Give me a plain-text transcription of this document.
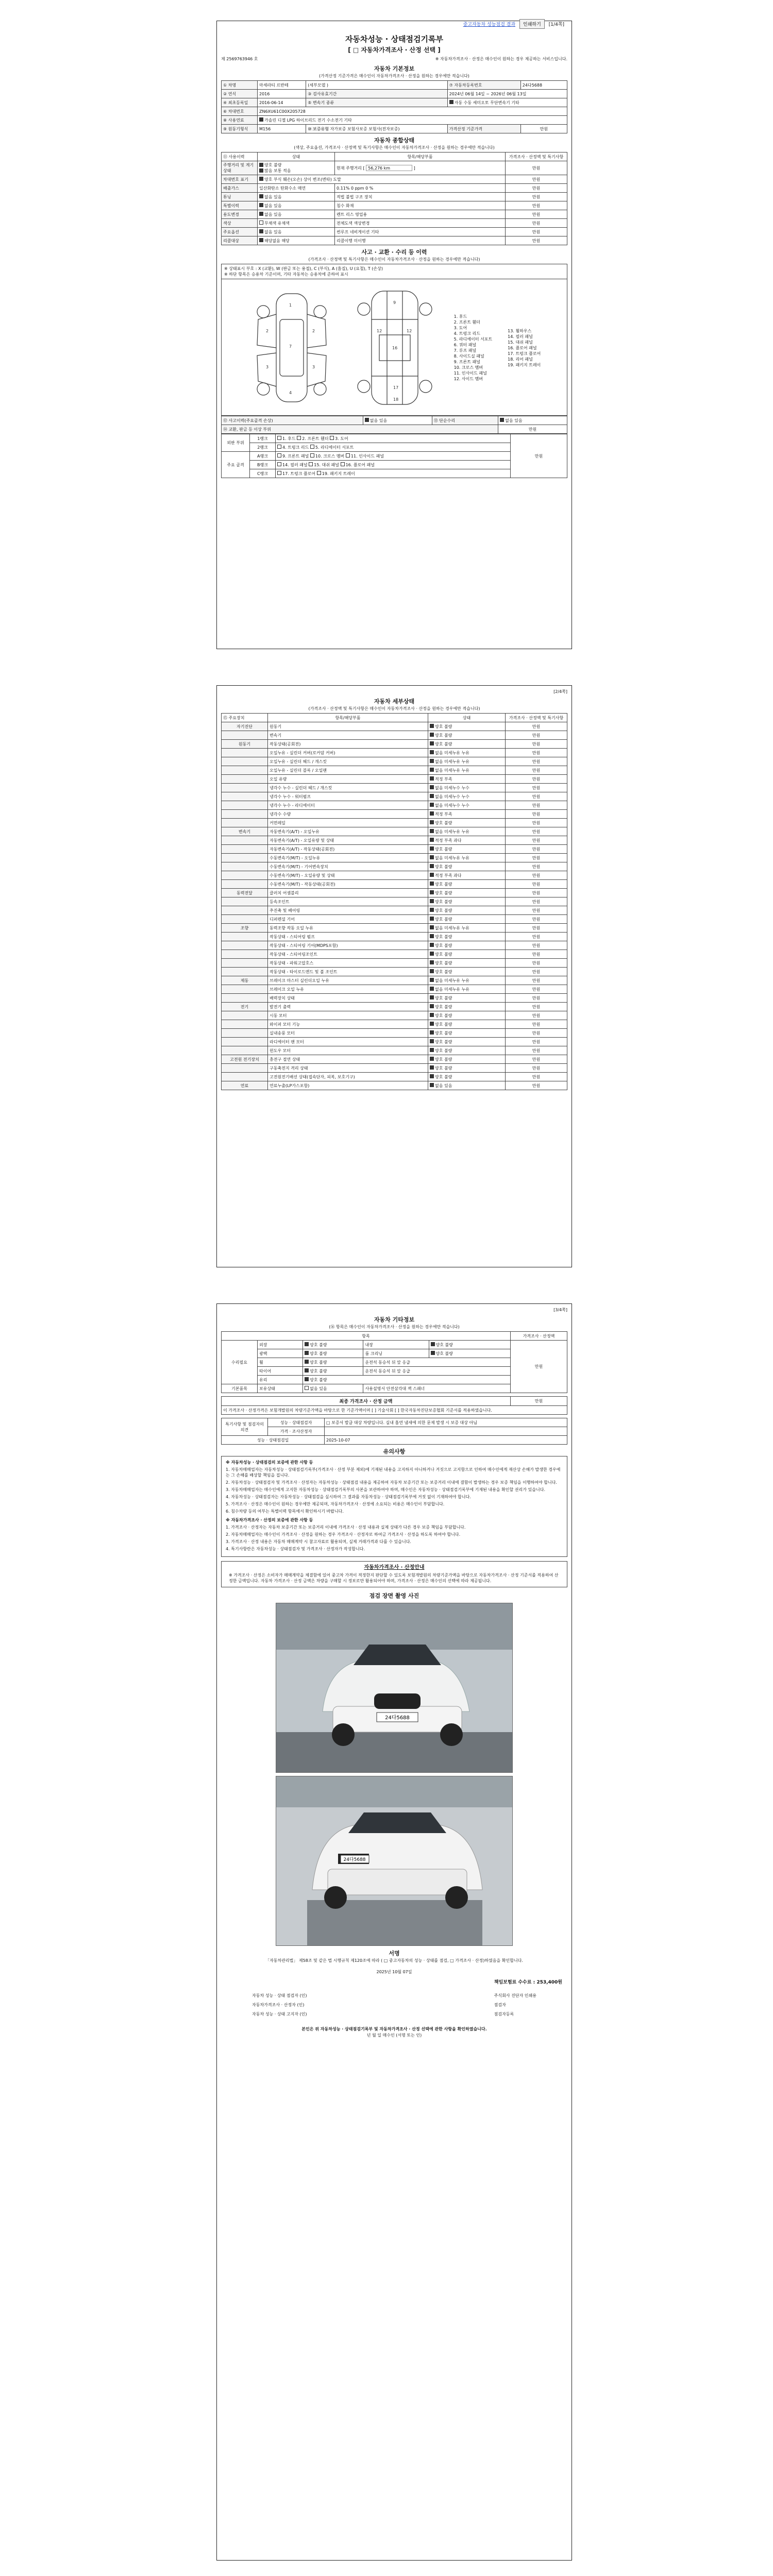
중고자동차 성능점검 결과	인쇄하기	[1/4쪽]
자동차성능 · 상태점검기록부
[ □ 자동차가격조사 · 산정 선택 ]
제 2569763946 호	※ 자동차가격조사 · 산정은 매수인이 원하는 경우 제공하는 서비스입니다.
자동차 기본정보
(가격산정 기준가격은 매수인이 자동차가격조사 · 산정을 원하는 경우에만 적습니다)
① 차명	마세라티 르반떼	(세부모델 )	⑦ 자동차등록번호	24다5688
② 연식	2016	③ 검사유효기간	2024년 06월 14일 ~ 2026년 06월 13일	
④ 최초등록일	2016-06-14	⑤ 변속기 종류	자동 수동 세미오토 무단변속기 기타	
⑥ 차대번호	ZN6XU61C00X205728			
⑧ 사용연료	가솔린 디젤 LPG 하이브리드 전기 수소전기 기타			
⑨ 원동기형식	M156	⑩ 보증유형 자가보증 보험사보증 보험사(전자보증)	가격산정 기준가격	만원
자동차 종합상태
(색상, 주요옵션, 가격조사 · 산정액 및 특기사항은 매수인이 자동차가격조사 · 산정을 원하는 경우에만 적습니다)
⑪ 사용이력	상태	항목/해당부품	가격조사 · 산정액 및 특기사항
주행거리 및 계기상태	양호 불량
많음 보통 적음	현재 주행거리 [ 56,276 km ]	만원
차대번호 표기	양호 부식 훼손(오손) 상이 변조(변타) 도말		만원
배출가스	일산화탄소 탄화수소 매연	0.11% 0 ppm 0 %	만원
튜닝	없음 있음	적법 불법 구조 장치	만원
특별이력	없음 있음	침수 화재	만원
용도변경	없음 있음	렌트 리스 영업용	만원
색상	무채색 유채색	전체도색 색상변경	만원
주요옵션	없음 있음	썬루프 네비게이션 기타	만원
리콜대상	해당없음 해당	리콜이행 미이행	만원
사고 · 교환 · 수리 등 이력
(가격조사 · 산정액 및 특기사항은 매수인이 자동차가격조사 · 산정을 원하는 경우에만 적습니다)
※ 상태표시 부호 : X (교환), W (판금 또는 용접), C (부식), A (흠집), U (요철), T (손상)
※ 하단 항목은 승용차 기준이며, 기타 자동차는 승용차에 준하여 표시
1
2	2
3	3
4
7
9
12	12
16
17
18
1. 후드
2. 프론트 휀더
3. 도어
4. 트렁크 리드
5. 라디에이터 서포트
6. 쿼터 패널
7. 루프 패널
8. 사이드실 패널
9. 프론트 패널
10. 크로스 멤버
11. 인사이드 패널
12. 사이드 멤버
13. 휠하우스
14. 필러 패널
15. 대쉬 패널
16. 플로어 패널
17. 트렁크 플로어
18. 리어 패널
19. 패키지 트레이
⑫ 사고이력(주요골격 손상)	없음 있음	⑬ 단순수리	없음 있음
⑭ 교환, 판금 등 이상 부위			만원
외판 부위	1랭크	1. 후드 2. 프론트 휀더 3. 도어	만원
	2랭크	4. 트렁크 리드 5. 라디에이터 서포트	
주요 골격	A랭크	9. 프론트 패널 10. 크로스 멤버 11. 인사이드 패널	
	B랭크	14. 필러 패널 15. 대쉬 패널 16. 플로어 패널	
	C랭크	17. 트렁크 플로어 19. 패키지 트레이	
[2/4쪽]
자동차 세부상태
(가격조사 · 산정액 및 특기사항은 매수인이 자동차가격조사 · 산정을 원하는 경우에만 적습니다)
⑮ 주요장치	항목/해당부품	상태	가격조사 · 산정액 및 특기사항
자기진단	원동기	양호 불량	만원
	변속기	양호 불량	만원
원동기	작동상태(공회전)	양호 불량	만원
	오일누유 - 실린더 커버(로커암 커버)	없음 미세누유 누유	만원
	오일누유 - 실린더 헤드 / 개스킷	없음 미세누유 누유	만원
	오일누유 - 실린더 블록 / 오일팬	없음 미세누유 누유	만원
	오일 유량	적정 부족	만원
	냉각수 누수 - 실린더 헤드 / 개스킷	없음 미세누수 누수	만원
	냉각수 누수 - 워터펌프	없음 미세누수 누수	만원
	냉각수 누수 - 라디에이터	없음 미세누수 누수	만원
	냉각수 수량	적정 부족	만원
	커먼레일	양호 불량	만원
변속기	자동변속기(A/T) - 오일누유	없음 미세누유 누유	만원
	자동변속기(A/T) - 오일유량 및 상태	적정 부족 과다	만원
	자동변속기(A/T) - 작동상태(공회전)	양호 불량	만원
	수동변속기(M/T) - 오일누유	없음 미세누유 누유	만원
	수동변속기(M/T) - 기어변속장치	양호 불량	만원
	수동변속기(M/T) - 오일유량 및 상태	적정 부족 과다	만원
	수동변속기(M/T) - 작동상태(공회전)	양호 불량	만원
동력전달	클러치 어셈블리	양호 불량	만원
	등속조인트	양호 불량	만원
	추진축 및 베어링	양호 불량	만원
	디퍼렌셜 기어	양호 불량	만원
조향	동력조향 작동 오일 누유	없음 미세누유 누유	만원
	작동상태 - 스티어링 펌프	양호 불량	만원
	작동상태 - 스티어링 기어(MDPS포함)	양호 불량	만원
	작동상태 - 스티어링조인트	양호 불량	만원
	작동상태 - 파워고압호스	양호 불량	만원
	작동상태 - 타이로드엔드 및 볼 조인트	양호 불량	만원
제동	브레이크 마스터 실린더오일 누유	없음 미세누유 누유	만원
	브레이크 오일 누유	없음 미세누유 누유	만원
	배력장치 상태	양호 불량	만원
전기	발전기 출력	양호 불량	만원
	시동 모터	양호 불량	만원
	와이퍼 모터 기능	양호 불량	만원
	실내송풍 모터	양호 불량	만원
	라디에이터 팬 모터	양호 불량	만원
	윈도우 모터	양호 불량	만원
고전원 전기장치	충전구 절연 상태	양호 불량	만원
	구동축전지 격리 상태	양호 불량	만원
	고전원전기배선 상태(접속단자, 피복, 보호기구)	양호 불량	만원
연료	연료누출(LP가스포함)	없음 있음	만원
[3/4쪽]
자동차 기타정보
(⑯ 항목은 매수인이 자동차가격조사 · 산정을 원하는 경우에만 적습니다)
항목					가격조사 · 산정액
수리필요	외장	양호 불량	내장	양호 불량	만원
	광택	양호 불량	룸 크리닝	양호 불량	
	휠	양호 불량	운전석 동승석 뒤 앞 응급		
	타이어	양호 불량	운전석 동승석 뒤 앞 응급		
	유리	양호 불량			
기본품목	보유상태	없음 있음	사용설명서 안전삼각대 잭 스패너		
최종 가격조사 · 산정 금액	만원
이 가격조사 · 산정가격은 보험개발원의 차량기준가액을 바탕으로 한 기준가액이며 [ ] 기술사회 [ ] 한국자동차진단보증협회 기준서를 적용하였습니다.
특기사항 및 점검자의 의견	성능 · 상태점검자	□ 보증서 발급 대상 차량입니다. 실내 흡연 냄새에 의한 문제 발생 시 보증 대상 아님
	가격 · 조사산정자	
성능 · 상태점검일		2025-10-07
유의사항

※ 자동차성능 · 상태점검의 보증에 관한 사항 등

1. 자동차매매업자는 자동차성능 · 상태점검기록부(가격조사 · 산정 부분 제외)에 기재된 내용을 고지하지 아니하거나 거짓으로 고지함으로 인하여 매수인에게 재산상 손해가 발생한 경우에는 그 손해를 배상할 책임을 집니다.

2. 자동차성능 · 상태점검자 및 가격조사 · 산정자는 자동차성능 · 상태점검 내용을 제공하여 자동차 보증기간 또는 보증거리 이내에 결함이 발생하는 경우 보증 책임을 이행하여야 합니다.

3. 자동차매매업자는 매수인에게 고지한 자동차성능 · 상태점검기록부의 사본을 보관하여야 하며, 매수인은 자동차성능 · 상태점검기록부에 기재된 내용을 확인할 권리가 있습니다.

4. 자동차성능 · 상태점검자는 자동차성능 · 상태점검을 실시하여 그 결과를 자동차성능 · 상태점검기록부에 거짓 없이 기재하여야 합니다.

5. 가격조사 · 산정은 매수인이 원하는 경우에만 제공되며, 자동차가격조사 · 산정에 소요되는 비용은 매수인이 부담합니다.

6. 침수차량 등의 여부는 특별이력 항목에서 확인하시기 바랍니다.

※ 자동차가격조사 · 산정의 보증에 관한 사항 등

1. 가격조사 · 산정자는 자동차 보증기간 또는 보증거리 이내에 가격조사 · 산정 내용과 실제 상태가 다른 경우 보증 책임을 부담합니다.

2. 자동차매매업자는 매수인이 가격조사 · 산정을 원하는 경우 가격조사 · 산정자로 하여금 가격조사 · 산정을 하도록 하여야 합니다.

3. 가격조사 · 산정 내용은 자동차 매매계약 시 참고자료로 활용되며, 실제 거래가격과 다를 수 있습니다.

4. 특기사항란은 자동차성능 · 상태점검자 및 가격조사 · 산정자가 작성합니다.

자동차가격조사 · 산정안내
※ 가격조사 · 산정은 소비자가 매매계약을 체결함에 있어 중고차 가격이 적정한지 판단할 수 있도록 보험개발원의 차량기준가액을 바탕으로 자동차가격조사 · 산정 기준서를 적용하여 산정한 금액입니다. 자동차 가격조사 · 산정 금액은 차량을 구매할 시 정보로만 활용되어야 하며, 가격조사 · 산정은 매수인의 선택에 따라 제공됩니다.
점검 장면 촬영 사진
24다5688
24다5688
서명
「자동차관리법」 제58조 및 같은 법 시행규칙 제120조에 따라 ( □ 중고자동차의 성능 · 상태를 점검, □ 가격조사 · 산정)하였음을 확인합니다.
2025년 10월 07일
책임보험료 수수료 : 253,400원
자동차 성능 · 상태 점검자 (인)
자동차가격조사 · 산정자 (인)
자동차 성능 · 상태 고지자 (인)
주식회사 진단자 인쇄용
점검자
점검자등록
본인은 위 자동차성능 · 상태점검기록부 및 자동차가격조사 · 산정 선택에 관한 사항을 확인하였습니다.
년 월 일 매수인 (서명 또는 인)
